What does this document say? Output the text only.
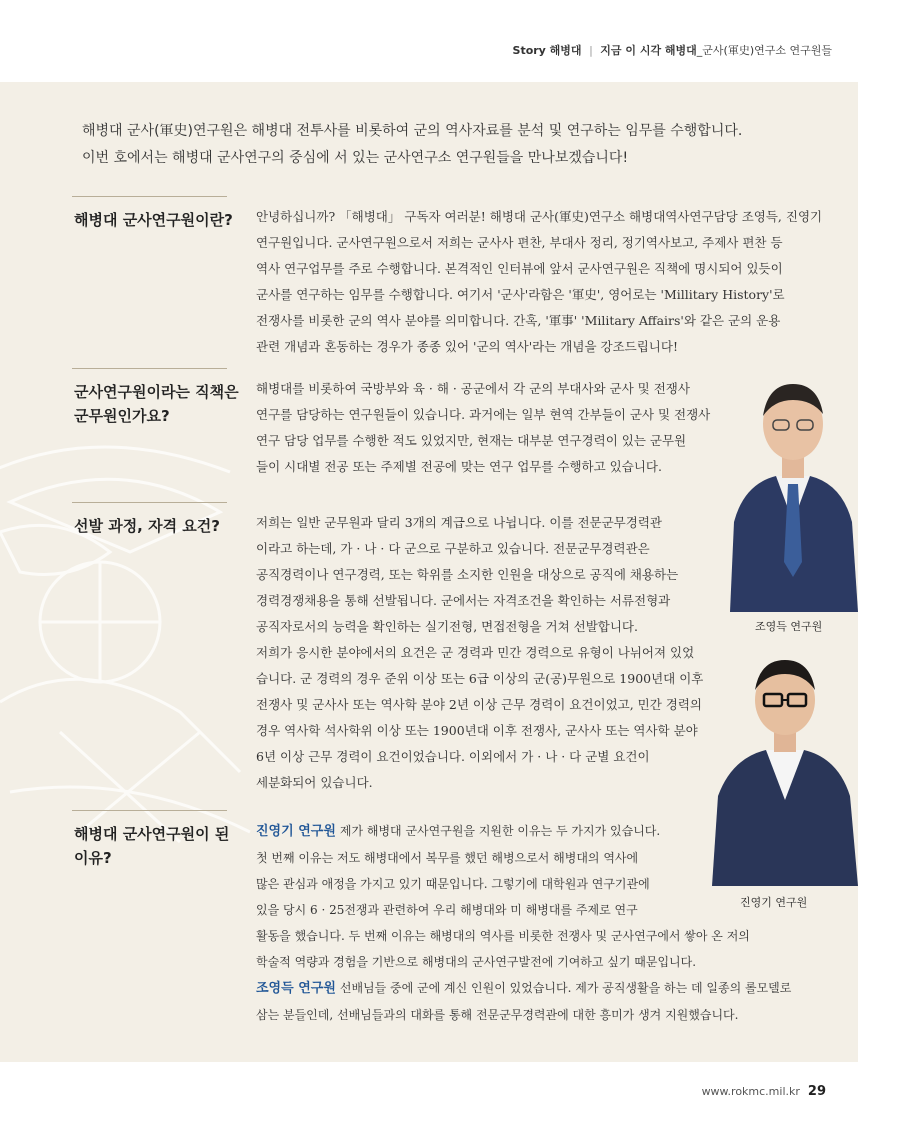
Story 해병대 | 지금 이 시각 해병대_군사(軍史)연구소 연구원들

해병대 군사(軍史)연구원은 해병대 전투사를 비롯하여 군의 역사자료를 분석 및 연구하는 임무를 수행합니다.

이번 호에서는 해병대 군사연구의 중심에 서 있는 군사연구소 연구원들을 만나보겠습니다!

해병대 군사연구원이란?	안녕하십니까? 「해병대」 구독자 여러분! 해병대 군사(軍史)연구소 해병대역사연구담당 조영득, 진영기

연구원입니다. 군사연구원으로서 저희는 군사사 편찬, 부대사 정리, 정기역사보고, 주제사 편찬 등

역사 연구업무를 주로 수행합니다. 본격적인 인터뷰에 앞서 군사연구원은 직책에 명시되어 있듯이

군사를 연구하는 임무를 수행합니다. 여기서 '군사'라함은 '軍史', 영어로는 'Millitary History'로

전쟁사를 비롯한 군의 역사 분야를 의미합니다. 간혹, '軍事' 'Military Affairs'와 같은 군의 운용

관련 개념과 혼동하는 경우가 종종 있어 '군의 역사'라는 개념을 강조드립니다!

군사연구원이라는 직책은 군무원인가요?

해병대를 비롯하여 국방부와 육 · 해 · 공군에서 각 군의 부대사와 군사 및 전쟁사

연구를 담당하는 연구원들이 있습니다. 과거에는 일부 현역 간부들이 군사 및 전쟁사

연구 담당 업무를 수행한 적도 있었지만, 현재는 대부분 연구경력이 있는 군무원

들이 시대별 전공 또는 주제별 전공에 맞는 연구 업무를 수행하고 있습니다.

선발 과정, 자격 요건?	저희는 일반 군무원과 달리 3개의 계급으로 나뉩니다. 이를 전문군무경력관

이라고 하는데, 가 · 나 · 다 군으로 구분하고 있습니다. 전문군무경력관은

공직경력이나 연구경력, 또는 학위를 소지한 인원을 대상으로 공직에 채용하는

경력경쟁채용을 통해 선발됩니다. 군에서는 자격조건을 확인하는 서류전형과

공직자로서의 능력을 확인하는 실기전형, 면접전형을 거쳐 선발합니다.

저희가 응시한 분야에서의 요건은 군 경력과 민간 경력으로 유형이 나뉘어져 있었

습니다. 군 경력의 경우 준위 이상 또는 6급 이상의 군(공)무원으로 1900년대 이후

전쟁사 및 군사사 또는 역사학 분야 2년 이상 근무 경력이 요건이었고, 민간 경력의

경우 역사학 석사학위 이상 또는 1900년대 이후 전쟁사, 군사사 또는 역사학 분야

6년 이상 근무 경력이 요건이었습니다. 이외에서 가 · 나 · 다 군별 요건이

세분화되어 있습니다.

해병대 군사연구원이 된 이유?

진영기 연구원 제가 해병대 군사연구원을 지원한 이유는 두 가지가 있습니다.

첫 번째 이유는 저도 해병대에서 복무를 했던 해병으로서 해병대의 역사에

많은 관심과 애정을 가지고 있기 때문입니다. 그렇기에 대학원과 연구기관에

있을 당시 6 · 25전쟁과 관련하여 우리 해병대와 미 해병대를 주제로 연구

활동을 했습니다. 두 번째 이유는 해병대의 역사를 비롯한 전쟁사 및 군사연구에서 쌓아 온 저의

학술적 역량과 경험을 기반으로 해병대의 군사연구발전에 기여하고 싶기 때문입니다.

조영득 연구원 선배님들 중에 군에 계신 인원이 있었습니다. 제가 공직생활을 하는 데 일종의 롤모델로

삼는 분들인데, 선배님들과의 대화를 통해 전문군무경력관에 대한 흥미가 생겨 지원했습니다.

조영득 연구원
진영기 연구원
www.rokmc.mil.kr 29
